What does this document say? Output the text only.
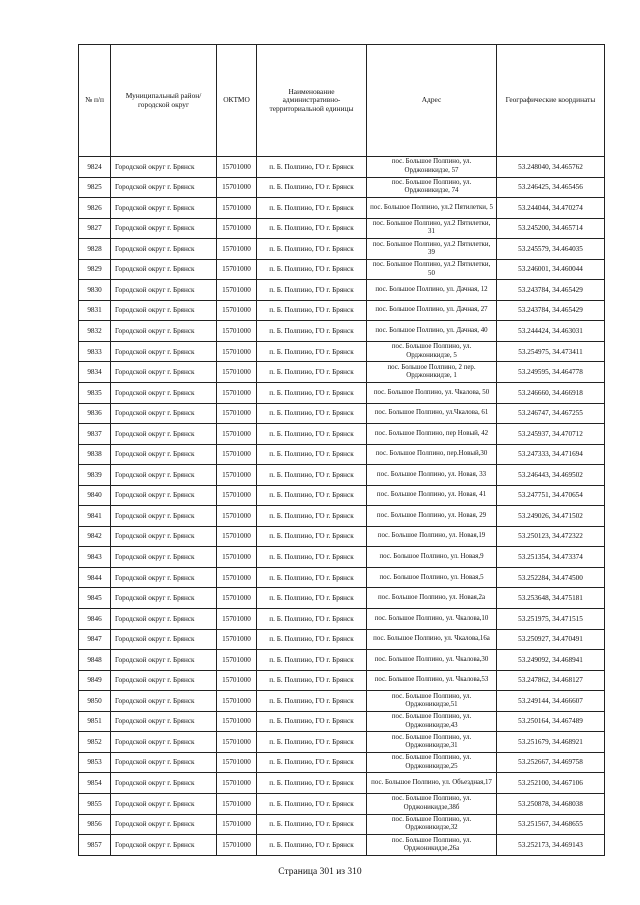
№ п/п	Муниципальный район/городской округ	ОКТМО	Наименование административно-территориальной единицы	Адрес	Географические координаты
9824	Городской округ г. Брянск	15701000	п. Б. Полпино, ГО г. Брянск	пос. Большое Полпино, ул. Орджоникидзе, 57	53.248040, 34.465762
9825	Городской округ г. Брянск	15701000	п. Б. Полпино, ГО г. Брянск	пос. Большое Полпино, ул. Орджоникидзе, 74	53.246425, 34.465456
9826	Городской округ г. Брянск	15701000	п. Б. Полпино, ГО г. Брянск	пос. Большое Полпино, ул.2 Пятилетки, 5	53.244044, 34.470274
9827	Городской округ г. Брянск	15701000	п. Б. Полпино, ГО г. Брянск	пос. Большое Полпино, ул.2 Пятилетки, 31	53.245200, 34.465714
9828	Городской округ г. Брянск	15701000	п. Б. Полпино, ГО г. Брянск	пос. Большое Полпино, ул.2 Пятилетки, 39	53.245579, 34.464035
9829	Городской округ г. Брянск	15701000	п. Б. Полпино, ГО г. Брянск	пос. Большое Полпино, ул.2 Пятилетки, 50	53.246001, 34.460044
9830	Городской округ г. Брянск	15701000	п. Б. Полпино, ГО г. Брянск	пос. Большое Полпино, ул. Дачная, 12	53.243784, 34.465429
9831	Городской округ г. Брянск	15701000	п. Б. Полпино, ГО г. Брянск	пос. Большое Полпино, ул. Дачная, 27	53.243784, 34.465429
9832	Городской округ г. Брянск	15701000	п. Б. Полпино, ГО г. Брянск	пос. Большое Полпино, ул. Дачная, 40	53.244424, 34.463031
9833	Городской округ г. Брянск	15701000	п. Б. Полпино, ГО г. Брянск	пос. Большое Полпино, ул. Орджоникидзе, 5	53.254975, 34.473411
9834	Городской округ г. Брянск	15701000	п. Б. Полпино, ГО г. Брянск	пос. Большое Полпино, 2 пер. Орджоникидзе, 1	53.249595, 34.464778
9835	Городской округ г. Брянск	15701000	п. Б. Полпино, ГО г. Брянск	пос. Большое Полпино, ул. Чкалова, 50	53.246660, 34.466918
9836	Городской округ г. Брянск	15701000	п. Б. Полпино, ГО г. Брянск	пос. Большое Полпино, ул.Чкалова, 61	53.246747, 34.467255
9837	Городской округ г. Брянск	15701000	п. Б. Полпино, ГО г. Брянск	пос. Большое Полпино, пер Новый, 42	53.245937, 34.470712
9838	Городской округ г. Брянск	15701000	п. Б. Полпино, ГО г. Брянск	пос. Большое Полпино, пер.Новый,30	53.247333, 34.471694
9839	Городской округ г. Брянск	15701000	п. Б. Полпино, ГО г. Брянск	пос. Большое Полпино, ул. Новая, 33	53.246443, 34.469502
9840	Городской округ г. Брянск	15701000	п. Б. Полпино, ГО г. Брянск	пос. Большое Полпино, ул. Новая, 41	53.247751, 34.470654
9841	Городской округ г. Брянск	15701000	п. Б. Полпино, ГО г. Брянск	пос. Большое Полпино, ул. Новая, 29	53.249026, 34.471502
9842	Городской округ г. Брянск	15701000	п. Б. Полпино, ГО г. Брянск	пос. Большое Полпино, ул. Новая,19	53.250123, 34.472322
9843	Городской округ г. Брянск	15701000	п. Б. Полпино, ГО г. Брянск	пос. Большое Полпино, ул. Новая,9	53.251354, 34.473374
9844	Городской округ г. Брянск	15701000	п. Б. Полпино, ГО г. Брянск	пос. Большое Полпино, ул. Новая,5	53.252284, 34.474500
9845	Городской округ г. Брянск	15701000	п. Б. Полпино, ГО г. Брянск	пос. Большое Полпино, ул. Новая,2а	53.253648, 34.475181
9846	Городской округ г. Брянск	15701000	п. Б. Полпино, ГО г. Брянск	пос. Большое Полпино, ул. Чкалова,10	53.251975, 34.471515
9847	Городской округ г. Брянск	15701000	п. Б. Полпино, ГО г. Брянск	пос. Большое Полпино, ул. Чкалова,16а	53.250927, 34.470491
9848	Городской округ г. Брянск	15701000	п. Б. Полпино, ГО г. Брянск	пос. Большое Полпино, ул. Чкалова,30	53.249092, 34.468941
9849	Городской округ г. Брянск	15701000	п. Б. Полпино, ГО г. Брянск	пос. Большое Полпино, ул. Чкалова,53	53.247862, 34.468127
9850	Городской округ г. Брянск	15701000	п. Б. Полпино, ГО г. Брянск	пос. Большое Полпино, ул. Орджоникидзе,51	53.249144, 34.466607
9851	Городской округ г. Брянск	15701000	п. Б. Полпино, ГО г. Брянск	пос. Большое Полпино, ул. Орджоникидзе,43	53.250164, 34.467489
9852	Городской округ г. Брянск	15701000	п. Б. Полпино, ГО г. Брянск	пос. Большое Полпино, ул. Орджоникидзе,31	53.251679, 34.468921
9853	Городской округ г. Брянск	15701000	п. Б. Полпино, ГО г. Брянск	пос. Большое Полпино, ул. Орджоникидзе,25	53.252667, 34.469758
9854	Городской округ г. Брянск	15701000	п. Б. Полпино, ГО г. Брянск	пос. Большое Полпино, ул. Объездная,17	53.252100, 34.467106
9855	Городской округ г. Брянск	15701000	п. Б. Полпино, ГО г. Брянск	пос. Большое Полпино, ул. Орджоникидзе,38б	53.250878, 34.468038
9856	Городской округ г. Брянск	15701000	п. Б. Полпино, ГО г. Брянск	пос. Большое Полпино, ул. Орджоникидзе,32	53.251567, 34.468655
9857	Городской округ г. Брянск	15701000	п. Б. Полпино, ГО г. Брянск	пос. Большое Полпино, ул. Орджоникидзе,26а	53.252173, 34.469143
Страница 301 из 310
